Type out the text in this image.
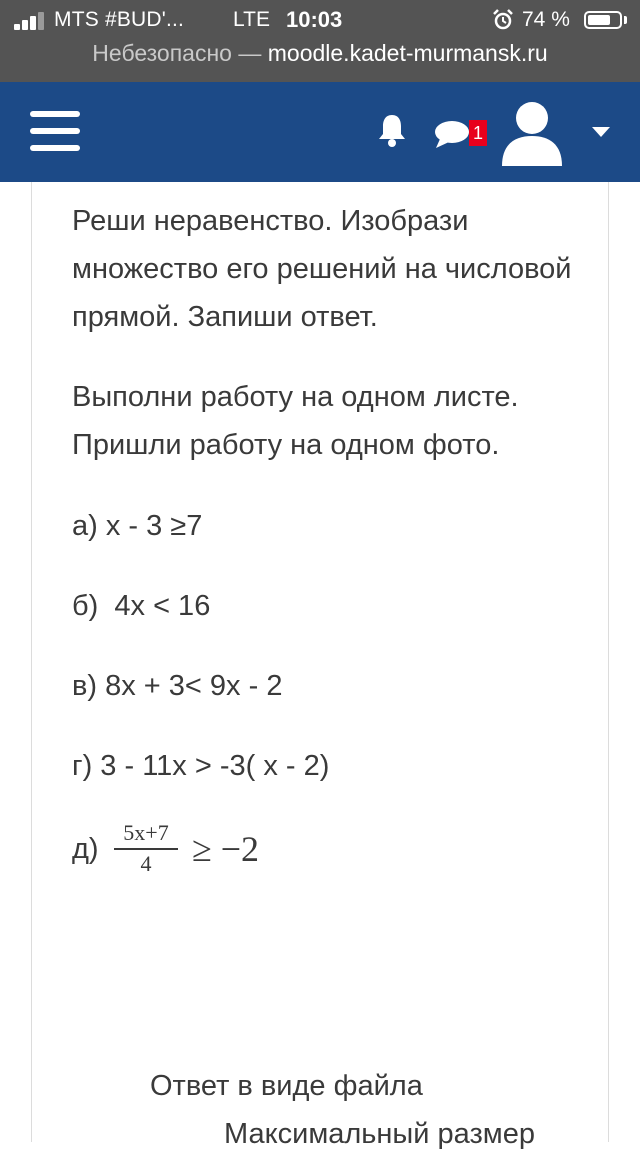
MTS #BUD'... LTE 10:03	74 %
Небезопасно — moodle.kadet-murmansk.ru
1

Реши неравенство. Изобрази множество его решений на числовой прямой. Запиши ответ.

Выполни работу на одном листе. Пришли работу на одном фото.

а) х - 3 ≥7
б)  4х < 16
в) 8х + 3< 9х - 2
г) 3 - 11х > -3( х - 2)
д)
5x+7
4	≥ −2
Ответ в виде файла
Максимальный размер
